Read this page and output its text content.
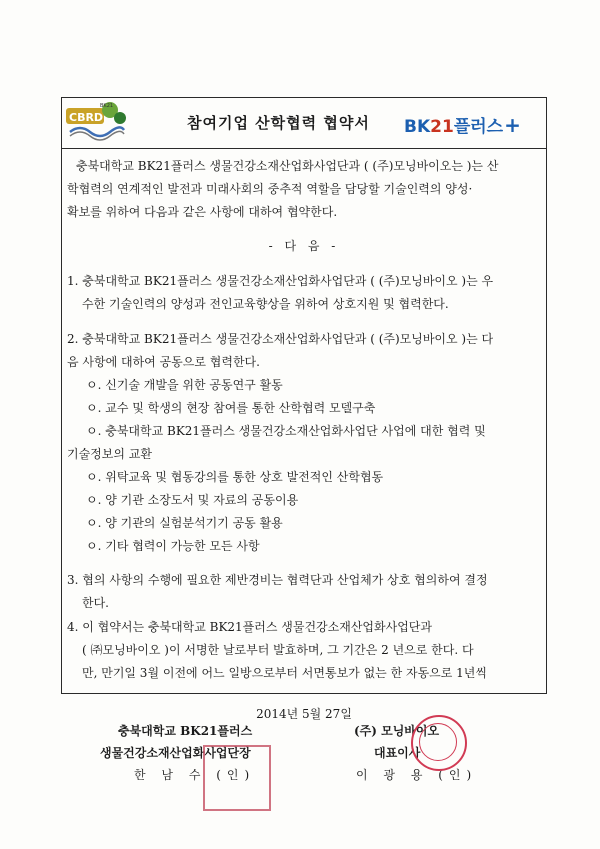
CBRD
BK21
참여기업 산학협력 협약서 BK21플러스+
충북대학교 BK21플러스 생물건강소재산업화사업단과 ( (주)모닝바이오는 )는 산
학협력의 연계적인 발전과 미래사회의 중추적 역할을 담당할 기술인력의 양성·
확보를 위하여 다음과 같은 사항에 대하여 협약한다.
- 다 음 -
1. 충북대학교 BK21플러스 생물건강소재산업화사업단과 ( (주)모닝바이오 )는 우
수한 기술인력의 양성과 전인교육향상을 위하여 상호지원 및 협력한다.
2. 충북대학교 BK21플러스 생물건강소재산업화사업단과 ( (주)모닝바이오 )는 다
음 사항에 대하여 공동으로 협력한다.
ㅇ. 신기술 개발을 위한 공동연구 활동
ㅇ. 교수 및 학생의 현장 참여를 통한 산학협력 모델구축
ㅇ. 충북대학교 BK21플러스 생물건강소재산업화사업단 사업에 대한 협력 및
기술정보의 교환
ㅇ. 위탁교육 및 협동강의를 통한 상호 발전적인 산학협동
ㅇ. 양 기관 소장도서 및 자료의 공동이용
ㅇ. 양 기관의 실험분석기기 공동 활용
ㅇ. 기타 협력이 가능한 모든 사항
3. 협의 사항의 수행에 필요한 제반경비는 협력단과 산업체가 상호 협의하여 결정
한다.
4. 이 협약서는 충북대학교 BK21플러스 생물건강소재산업화사업단과
( ㈜모닝바이오 )이 서명한 날로부터 발효하며, 그 기간은 2 년으로 한다. 다
만, 만기일 3월 이전에 어느 일방으로부터 서면통보가 없는 한 자동으로 1년씩
2014년 5월 27일
충북대학교 BK21플러스
생물건강소재산업화사업단장
한 남 수 (인)
(주) 모닝바이오
대표이사
이 광 용 (인)
